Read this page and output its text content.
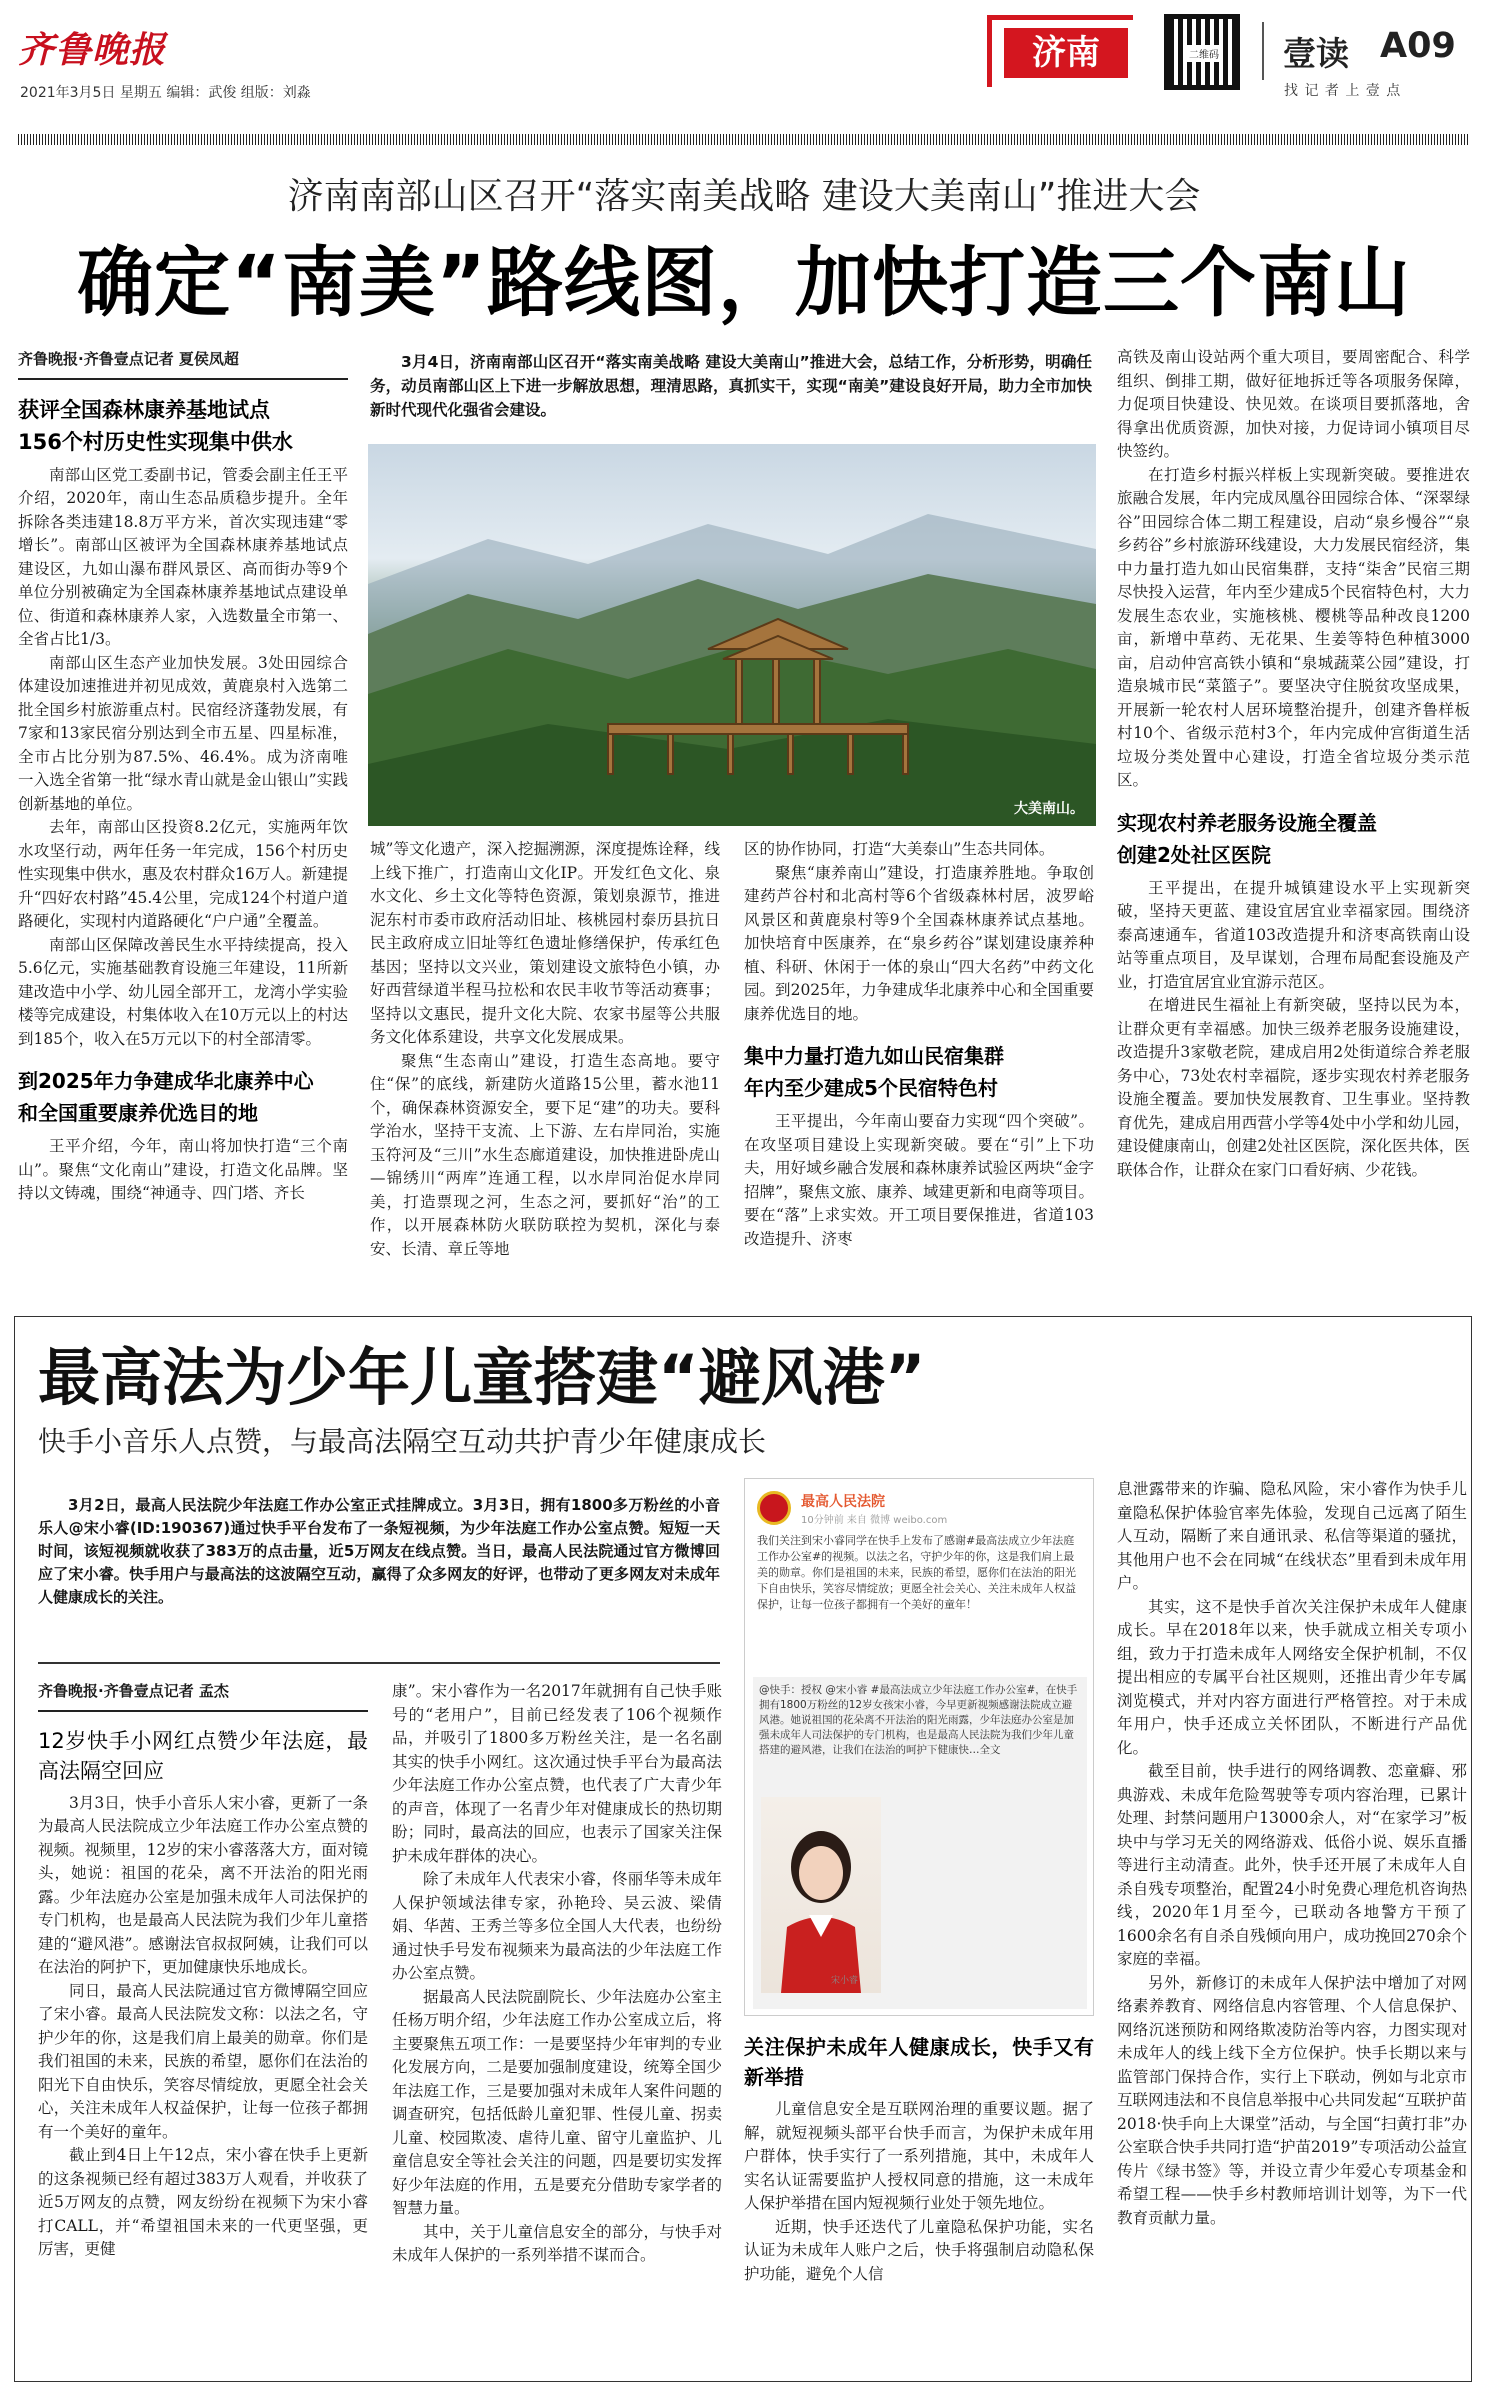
齐鲁晚报
2021年3月5日 星期五 编辑：武俊 组版：刘淼
济南	二维码 壹读 A09
找 记 者 上 壹 点
济南南部山区召开“落实南美战略 建设大美南山”推进大会
确定“南美”路线图，加快打造三个南山
齐鲁晚报·齐鲁壹点记者 夏侯凤超
获评全国森林康养基地试点
156个村历史性实现集中供水

南部山区党工委副书记，管委会副主任王平介绍，2020年，南山生态品质稳步提升。全年拆除各类违建18.8万平方米，首次实现违建“零增长”。南部山区被评为全国森林康养基地试点建设区，九如山瀑布群风景区、高而街办等9个单位分别被确定为全国森林康养基地试点建设单位、街道和森林康养人家，入选数量全市第一、全省占比1/3。

南部山区生态产业加快发展。3处田园综合体建设加速推进并初见成效，黄鹿泉村入选第二批全国乡村旅游重点村。民宿经济蓬勃发展，有7家和13家民宿分别达到全市五星、四星标准，全市占比分别为87.5%、46.4%。成为济南唯一入选全省第一批“绿水青山就是金山银山”实践创新基地的单位。

去年，南部山区投资8.2亿元，实施两年饮水攻坚行动，两年任务一年完成，156个村历史性实现集中供水，惠及农村群众16万人。新建提升“四好农村路”45.4公里，完成124个村道户道路硬化，实现村内道路硬化“户户通”全覆盖。

南部山区保障改善民生水平持续提高，投入5.6亿元，实施基础教育设施三年建设，11所新建改造中小学、幼儿园全部开工，龙湾小学实验楼等完成建设，村集体收入在10万元以上的村达到185个，收入在5万元以下的村全部清零。

到2025年力争建成华北康养中心
和全国重要康养优选目的地

王平介绍，今年，南山将加快打造“三个南山”。聚焦“文化南山”建设，打造文化品牌。坚持以文铸魂，围绕“神通寺、四门塔、齐长

3月4日，济南南部山区召开“落实南美战略 建设大美南山”推进大会，总结工作，分析形势，明确任务，动员南部山区上下进一步解放思想，理清思路，真抓实干，实现“南美”建设良好开局，助力全市加快新时代现代化强省会建设。
大美南山。

城”等文化遗产，深入挖掘溯源，深度提炼诠释，线上线下推广，打造南山文化IP。开发红色文化、泉水文化、乡土文化等特色资源，策划泉源节，推进泥东村市委市政府活动旧址、核桃园村泰历县抗日民主政府成立旧址等红色遗址修缮保护，传承红色基因；坚持以文兴业，策划建设文旅特色小镇，办好西营绿道半程马拉松和农民丰收节等活动赛事；坚持以文惠民，提升文化大院、农家书屋等公共服务文化体系建设，共享文化发展成果。

聚焦“生态南山”建设，打造生态高地。要守住“保”的底线，新建防火道路15公里，蓄水池11个，确保森林资源安全，要下足“建”的功夫。要科学治水，坚持干支流、上下游、左右岸同治，实施玉符河及“三川”水生态廊道建设，加快推进卧虎山—锦绣川“两库”连通工程，以水岸同治促水岸同美，打造票现之河，生态之河，要抓好“治”的工作，以开展森林防火联防联控为契机，深化与泰安、长清、章丘等地

区的协作协同，打造“大美泰山”生态共同体。

聚焦“康养南山”建设，打造康养胜地。争取创建药芦谷村和北高村等6个省级森林村居，波罗峪风景区和黄鹿泉村等9个全国森林康养试点基地。加快培育中医康养，在“泉乡药谷”谋划建设康养种植、科研、休闲于一体的泉山“四大名药”中药文化园。到2025年，力争建成华北康养中心和全国重要康养优选目的地。

集中力量打造九如山民宿集群
年内至少建成5个民宿特色村

王平提出，今年南山要奋力实现“四个突破”。在攻坚项目建设上实现新突破。要在“引”上下功夫，用好域乡融合发展和森林康养试验区两块“金字招牌”，聚焦文旅、康养、域建更新和电商等项目。要在“落”上求实效。开工项目要保推进，省道103改造提升、济枣

高铁及南山设站两个重大项目，要周密配合、科学组织、倒排工期，做好征地拆迁等各项服务保障，力促项目快建设、快见效。在谈项目要抓落地，舍得拿出优质资源，加快对接，力促诗词小镇项目尽快签约。

在打造乡村振兴样板上实现新突破。要推进农旅融合发展，年内完成凤凰谷田园综合体、“深翠绿谷”田园综合体二期工程建设，启动“泉乡慢谷”“泉乡药谷”乡村旅游环线建设，大力发展民宿经济，集中力量打造九如山民宿集群，支持“柒舍”民宿三期尽快投入运营，年内至少建成5个民宿特色村，大力发展生态农业，实施核桃、樱桃等品种改良1200亩，新增中草药、无花果、生姜等特色种植3000亩，启动仲宫高铁小镇和“泉城蔬菜公园”建设，打造泉城市民“菜篮子”。要坚决守住脱贫攻坚成果，开展新一轮农村人居环境整治提升，创建齐鲁样板村10个、省级示范村3个，年内完成仲宫街道生活垃圾分类处置中心建设，打造全省垃圾分类示范区。

实现农村养老服务设施全覆盖
创建2处社区医院

王平提出，在提升城镇建设水平上实现新突破，坚持天更蓝、建设宜居宜业幸福家园。围绕济泰高速通车，省道103改造提升和济枣高铁南山设站等重点项目，及早谋划，合理布局配套设施及产业，打造宜居宜业宜游示范区。

在增进民生福祉上有新突破，坚持以民为本，让群众更有幸福感。加快三级养老服务设施建设，改造提升3家敬老院，建成启用2处街道综合养老服务中心，73处农村幸福院，逐步实现农村养老服务设施全覆盖。要加快发展教育、卫生事业。坚持教育优先，建成启用西营小学等4处中小学和幼儿园，建设健康南山，创建2处社区医院，深化医共体，医联体合作，让群众在家门口看好病、少花钱。

最高法为少年儿童搭建“避风港”
快手小音乐人点赞，与最高法隔空互动共护青少年健康成长
3月2日，最高人民法院少年法庭工作办公室正式挂牌成立。3月3日，拥有1800多万粉丝的小音乐人@宋小睿(ID:190367)通过快手平台发布了一条短视频，为少年法庭工作办公室点赞。短短一天时间，该短视频就收获了383万的点击量，近5万网友在线点赞。当日，最高人民法院通过官方微博回应了宋小睿。快手用户与最高法的这波隔空互动，赢得了众多网友的好评，也带动了更多网友对未成年人健康成长的关注。
齐鲁晚报·齐鲁壹点记者 孟杰
12岁快手小网红点赞少年法庭，最高法隔空回应

3月3日，快手小音乐人宋小睿，更新了一条为最高人民法院成立少年法庭工作办公室点赞的视频。视频里，12岁的宋小睿落落大方，面对镜头，她说：祖国的花朵，离不开法治的阳光雨露。少年法庭办公室是加强未成年人司法保护的专门机构，也是最高人民法院为我们少年儿童搭建的“避风港”。感谢法官叔叔阿姨，让我们可以在法治的阿护下，更加健康快乐地成长。

同日，最高人民法院通过官方微博隔空回应了宋小睿。最高人民法院发文称：以法之名，守护少年的你，这是我们肩上最美的勋章。你们是我们祖国的未来，民族的希望，愿你们在法治的阳光下自由快乐，笑容尽情绽放，更愿全社会关心，关注未成年人权益保护，让每一位孩子都拥有一个美好的童年。

截止到4日上午12点，宋小睿在快手上更新的这条视频已经有超过383万人观看，并收获了近5万网友的点赞，网友纷纷在视频下为宋小睿打CALL，并“希望祖国未来的一代更坚强，更厉害，更健

康”。宋小睿作为一名2017年就拥有自己快手账号的“老用户”，目前已经发表了106个视频作品，并吸引了1800多万粉丝关注，是一名名副其实的快手小网红。这次通过快手平台为最高法少年法庭工作办公室点赞，也代表了广大青少年的声音，体现了一名青少年对健康成长的热切期盼；同时，最高法的回应，也表示了国家关注保护未成年群体的决心。

除了未成年人代表宋小睿，佟丽华等未成年人保护领域法律专家，孙艳玲、吴云波、梁倩娟、华茜、王秀兰等多位全国人大代表，也纷纷通过快手号发布视频来为最高法的少年法庭工作办公室点赞。

据最高人民法院副院长、少年法庭办公室主任杨万明介绍，少年法庭工作办公室成立后，将主要聚焦五项工作：一是要坚持少年审判的专业化发展方向，二是要加强制度建设，统筹全国少年法庭工作，三是要加强对未成年人案件问题的调查研究，包括低龄儿童犯罪、性侵儿童、拐卖儿童、校园欺凌、虐待儿童、留守儿童监护、儿童信息安全等社会关注的问题，四是要切实发挥好少年法庭的作用，五是要充分借助专家学者的智慧力量。

其中，关于儿童信息安全的部分，与快手对未成年人保护的一系列举措不谋而合。

最高人民法院
10分钟前 来自 微博 weibo.com
我们关注到宋小睿同学在快手上发布了感谢#最高法成立少年法庭工作办公室#的视频。以法之名，守护少年的你，这是我们肩上最美的勋章。你们是祖国的未来，民族的希望，愿你们在法治的阳光下自由快乐，笑容尽情绽放；更愿全社会关心、关注未成年人权益保护，让每一位孩子都拥有一个美好的童年！
@快手：授权 @宋小睿 #最高法成立少年法庭工作办公室#，在快手拥有1800万粉丝的12岁女孩宋小睿，今早更新视频感谢法院成立避风港。她说祖国的花朵离不开法治的阳光雨露，少年法庭办公室是加强未成年人司法保护的专门机构，也是最高人民法院为我们少年儿童搭建的避风港，让我们在法治的呵护下健康快…全文
宋小睿
关注保护未成年人健康成长，快手又有新举措

儿童信息安全是互联网治理的重要议题。据了解，就短视频头部平台快手而言，为保护未成年用户群体，快手实行了一系列措施，其中，未成年人实名认证需要监护人授权同意的措施，这一未成年人保护举措在国内短视频行业处于领先地位。

近期，快手还迭代了儿童隐私保护功能，实名认证为未成年人账户之后，快手将强制启动隐私保护功能，避免个人信

息泄露带来的诈骗、隐私风险，宋小睿作为快手儿童隐私保护体验官率先体验，发现自己远离了陌生人互动，隔断了来自通讯录、私信等渠道的骚扰，其他用户也不会在同城“在线状态”里看到未成年用户。

其实，这不是快手首次关注保护未成年人健康成长。早在2018年以来，快手就成立相关专项小组，致力于打造未成年人网络安全保护机制，不仅提出相应的专属平台社区规则，还推出青少年专属浏览模式，并对内容方面进行严格管控。对于未成年用户，快手还成立关怀团队，不断进行产品优化。

截至目前，快手进行的网络调教、恋童癖、邪典游戏、未成年危险驾驶等专项内容治理，已累计处理、封禁问题用户13000余人，对“在家学习”板块中与学习无关的网络游戏、低俗小说、娱乐直播等进行主动清查。此外，快手还开展了未成年人自杀自残专项整治，配置24小时免费心理危机咨询热线，2020年1月至今，已联动各地警方干预了1600余名有自杀自残倾向用户，成功挽回270余个家庭的幸福。

另外，新修订的未成年人保护法中增加了对网络素养教育、网络信息内容管理、个人信息保护、网络沉迷预防和网络欺凌防治等内容，力图实现对未成年人的线上线下全方位保护。快手长期以来与监管部门保持合作，实行上下联动，例如与北京市互联网违法和不良信息举报中心共同发起“互联护苗2018·快手向上大课堂”活动，与全国“扫黄打非”办公室联合快手共同打造“护苗2019”专项活动公益宣传片《绿书签》等，并设立青少年爱心专项基金和希望工程——快手乡村教师培训计划等，为下一代教育贡献力量。
